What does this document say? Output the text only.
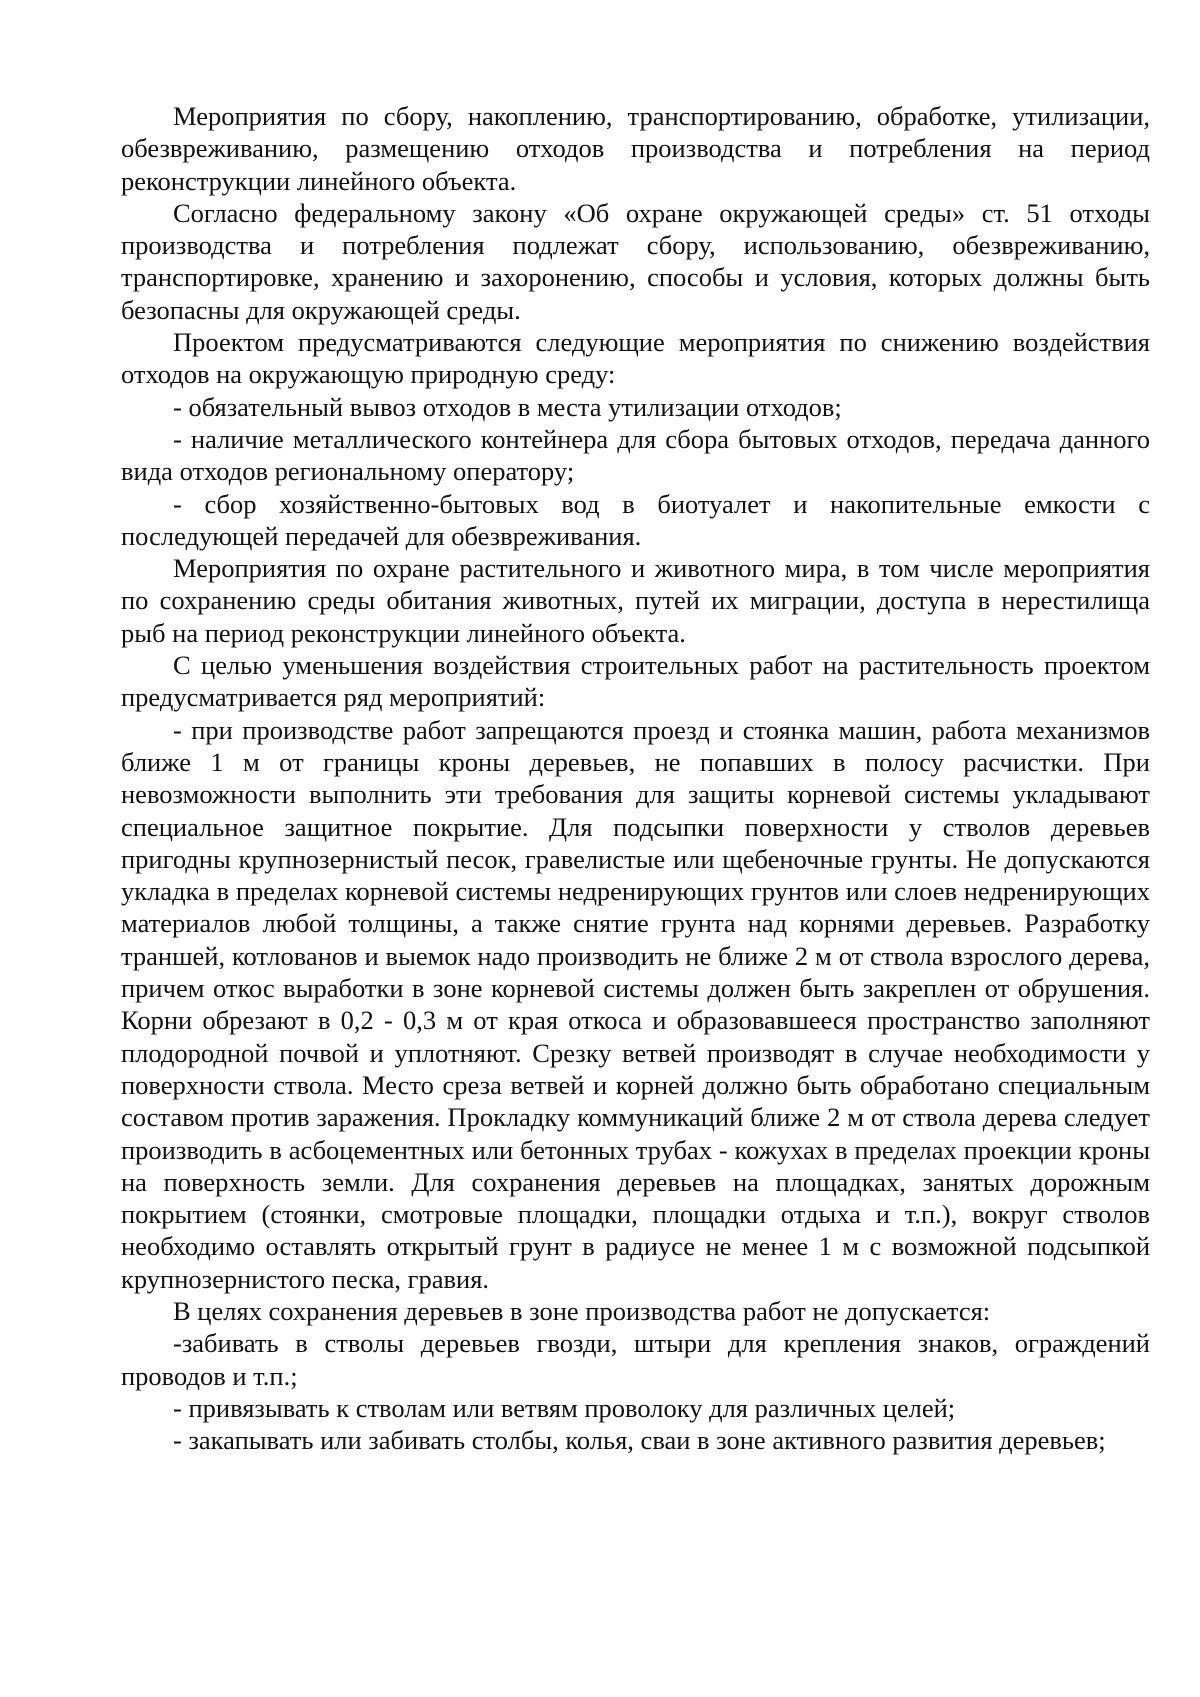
Мероприятия по сбору, накоплению, транспортированию, обработке, утилизации, обезвреживанию, размещению отходов производства и потребления на период реконструкции линейного объекта.

Согласно федеральному закону «Об охране окружающей среды» ст. 51 отходы производства и потребления подлежат сбору, использованию, обезвреживанию, транспортировке, хранению и захоронению, способы и условия, которых должны быть безопасны для окружающей среды.

Проектом предусматриваются следующие мероприятия по снижению воздействия отходов на окружающую природную среду:

- обязательный вывоз отходов в места утилизации отходов;

- наличие металлического контейнера для сбора бытовых отходов, передача данного вида отходов региональному оператору;

- сбор хозяйственно-бытовых вод в биотуалет и накопительные емкости с последующей передачей для обезвреживания.

Мероприятия по охране растительного и животного мира, в том числе мероприятия по сохранению среды обитания животных, путей их миграции, доступа в нерестилища рыб на период реконструкции линейного объекта.

С целью уменьшения воздействия строительных работ на растительность проектом предусматривается ряд мероприятий:

- при производстве работ запрещаются проезд и стоянка машин, работа механизмов ближе 1 м от границы кроны деревьев, не попавших в полосу расчистки. При невозможности выполнить эти требования для защиты корневой системы укладывают специальное защитное покрытие. Для подсыпки поверхности у стволов деревьев пригодны крупнозернистый песок, гравелистые или щебеночные грунты. Не допускаются укладка в пределах корневой системы недренирующих грунтов или слоев недренирующих материалов любой толщины, а также снятие грунта над корнями деревьев. Разработку траншей, котлованов и выемок надо производить не ближе 2 м от ствола взрослого дерева, причем откос выработки в зоне корневой системы должен быть закреплен от обрушения. Корни обрезают в 0,2 - 0,3 м от края откоса и образовавшееся пространство заполняют плодородной почвой и уплотняют. Срезку ветвей производят в случае необходимости у поверхности ствола. Место среза ветвей и корней должно быть обработано специальным составом против заражения. Прокладку коммуникаций ближе 2 м от ствола дерева следует производить в асбоцементных или бетонных трубах - кожухах в пределах проекции кроны на поверхность земли. Для сохранения деревьев на площадках, занятых дорожным покрытием (стоянки, смотровые площадки, площадки отдыха и т.п.), вокруг стволов необходимо оставлять открытый грунт в радиусе не менее 1 м с возможной подсыпкой крупнозернистого песка, гравия.

В целях сохранения деревьев в зоне производства работ не допускается:

-забивать в стволы деревьев гвозди, штыри для крепления знаков, ограждений проводов и т.п.;

- привязывать к стволам или ветвям проволоку для различных целей;

- закапывать или забивать столбы, колья, сваи в зоне активного развития деревьев;
